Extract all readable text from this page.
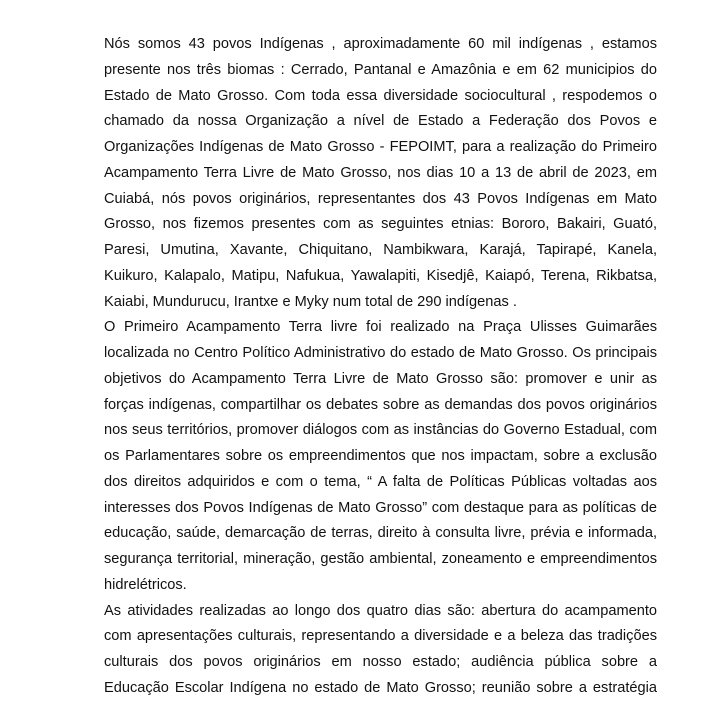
Nós somos 43 povos Indígenas , aproximadamente 60 mil indígenas , estamos
presente nos três biomas : Cerrado, Pantanal e Amazônia e em 62 municipios do
Estado de Mato Grosso. Com toda essa diversidade sociocultural , respodemos o
chamado da nossa Organização a nível de Estado a Federação dos Povos e
Organizações Indígenas de Mato Grosso - FEPOIMT, para a realização do Primeiro
Acampamento Terra Livre de Mato Grosso, nos dias 10 a 13 de abril de 2023, em
Cuiabá, nós povos originários, representantes dos 43 Povos Indígenas em Mato
Grosso, nos fizemos presentes com as seguintes etnias: Bororo, Bakairi, Guató,
Paresi, Umutina, Xavante, Chiquitano, Nambikwara, Karajá, Tapirapé, Kanela,
Kuikuro, Kalapalo, Matipu, Nafukua, Yawalapiti, Kisedjê, Kaiapó, Terena, Rikbatsa,
Kaiabi, Mundurucu, Irantxe e Myky num total de 290 indígenas .
O Primeiro Acampamento Terra livre foi realizado na Praça Ulisses Guimarães
localizada no Centro Político Administrativo do estado de Mato Grosso. Os principais
objetivos do Acampamento Terra Livre de Mato Grosso são: promover e unir as
forças indígenas, compartilhar os debates sobre as demandas dos povos originários
nos seus territórios, promover diálogos com as instâncias do Governo Estadual, com
os Parlamentares sobre os empreendimentos que nos impactam, sobre a exclusão
dos direitos adquiridos e com o tema, “ A falta de Políticas Públicas voltadas aos
interesses dos Povos Indígenas de Mato Grosso” com destaque para as políticas de
educação, saúde, demarcação de terras, direito à consulta livre, prévia e informada,
segurança territorial, mineração, gestão ambiental, zoneamento e empreendimentos
hidrelétricos.
As atividades realizadas ao longo dos quatro dias são: abertura do acampamento
com apresentações culturais, representando a diversidade e a beleza das tradições
culturais dos povos originários em nosso estado; audiência pública sobre a
Educação Escolar Indígena no estado de Mato Grosso; reunião sobre a estratégia
